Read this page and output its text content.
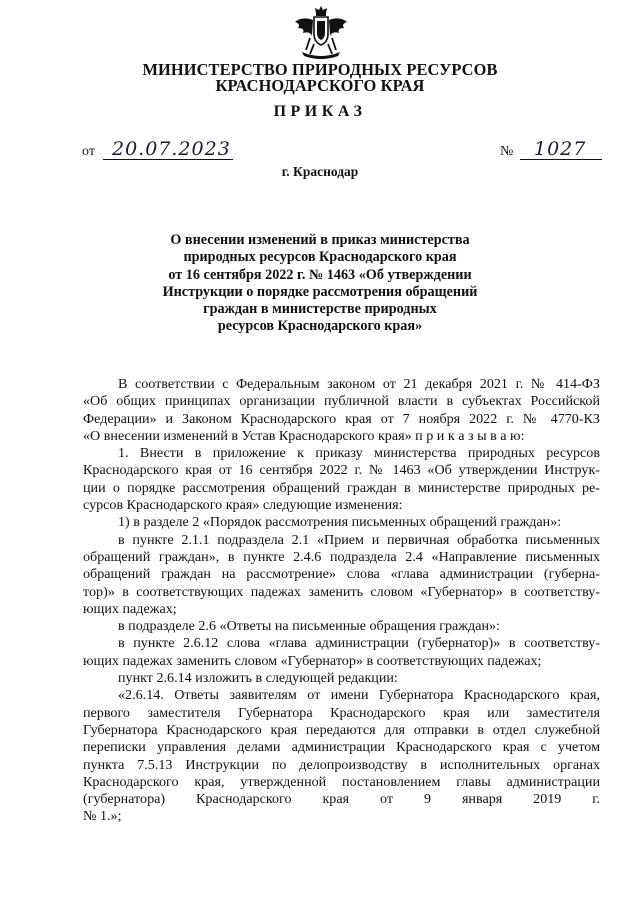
МИНИСТЕРСТВО ПРИРОДНЫХ РЕСУРСОВ
КРАСНОДАРСКОГО КРАЯ
ПРИКАЗ
от 20.07.2023	№ 1027
г. Краснодар
О внесении изменений в приказ министерства
природных ресурсов Краснодарского края
от 16 сентября 2022 г. № 1463 «Об утверждении
Инструкции о порядке рассмотрения обращений
граждан в министерстве природных
ресурсов Краснодарского края»
В соответствии с Федеральным законом от 21 декабря 2021 г. № 414-ФЗ
«Об общих принципах организации публичной власти в субъектах Российской
Федерации» и Законом Краснодарского края от 7 ноября 2022 г. № 4770-КЗ
«О внесении изменений в Устав Краснодарского края» п р и к а з ы в а ю:
1. Внести в приложение к приказу министерства природных ресурсов
Краснодарского края от 16 сентября 2022 г. № 1463 «Об утверждении Инструк-
ции о порядке рассмотрения обращений граждан в министерстве природных ре-
сурсов Краснодарского края» следующие изменения:
1) в разделе 2 «Порядок рассмотрения письменных обращений граждан»:
в пункте 2.1.1 подраздела 2.1 «Прием и первичная обработка письменных
обращений граждан», в пункте 2.4.6 подраздела 2.4 «Направление письменных
обращений граждан на рассмотрение» слова «глава администрации (губерна-
тор)» в соответствующих падежах заменить словом «Губернатор» в соответству-
ющих падежах;
в подразделе 2.6 «Ответы на письменные обращения граждан»:
в пункте 2.6.12 слова «глава администрации (губернатор)» в соответству-
ющих падежах заменить словом «Губернатор» в соответствующих падежах;
пункт 2.6.14 изложить в следующей редакции:
«2.6.14. Ответы заявителям от имени Губернатора Краснодарского края,
первого заместителя Губернатора Краснодарского края или заместителя
Губернатора Краснодарского края передаются для отправки в отдел служебной
переписки управления делами администрации Краснодарского края с учетом
пункта 7.5.13 Инструкции по делопроизводству в исполнительных органах
Краснодарского края, утвержденной постановлением главы администрации
(губернатора) Краснодарского края от 9 января 2019 г.
№ 1.»;
